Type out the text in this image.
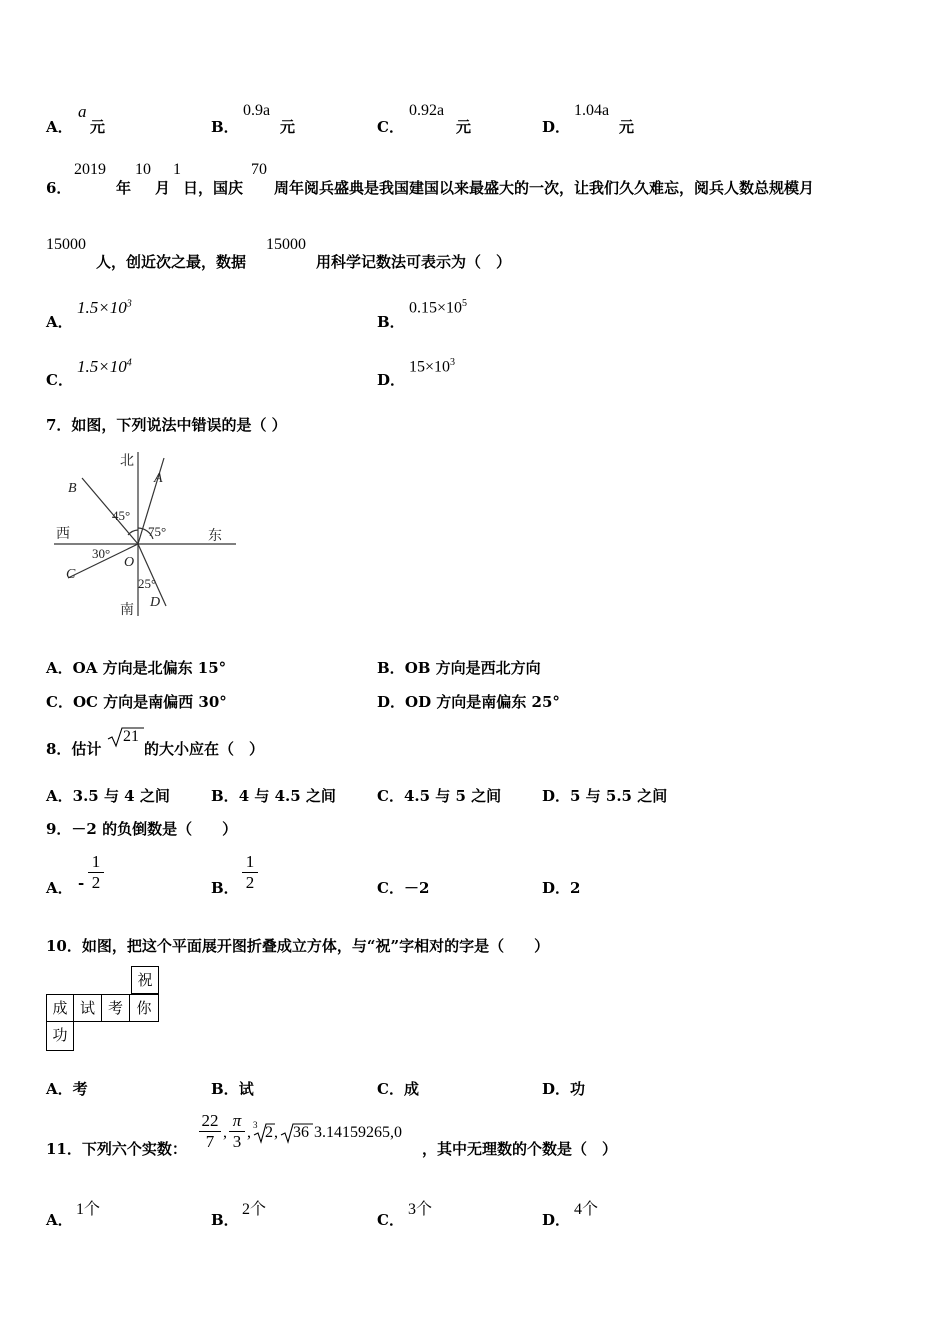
A．
a
元	B．
0.9a
元	C．
0.92a
元	D．
1.04a
元
6．
2019
年
10
月
1
日，国庆
70
周年阅兵盛典是我国建国以来最盛大的一次，让我们久久难忘，阅兵人数总规模月
15000
人，创近次之最，数据
15000
用科学记数法可表示为（　）
A．
$1.5\times 10^3$
B．
$0.15\times 10^5$
C．
$1.5\times 10^4$
D．
$15\times 10^3$
7．如图，下列说法中错误的是（ ）
北
南
西	东
A
B
C
D
O
45°
75°
30°
25°
A．OA 方向是北偏东 15°	B．OB 方向是西北方向
C．OC 方向是南偏西 30°	D．OD 方向是南偏东 25°
8．估计
21
的大小应在（　）
A．3.5 与 4 之间	B．4 与 4.5 之间	C．4.5 与 5 之间	D．5 与 5.5 之间
9．－2 的负倒数是（　　）
A． - $\frac{1}{2}$	B． $\frac{1}{2}$	C．－2	D．2
10．如图，把这个平面展开图折叠成立方体，与“祝”字相对的字是（　　）
祝
成 试 考 你
功
A．考	B．试	C．成	D．功
11．下列六个实数： $\frac{22}{7}$ , $\frac{\pi}{3}$ , 3 2 , 36 3.14159265,0
，其中无理数的个数是（　）
A．
1个
B．
2个
C．
3个
D．
4个
